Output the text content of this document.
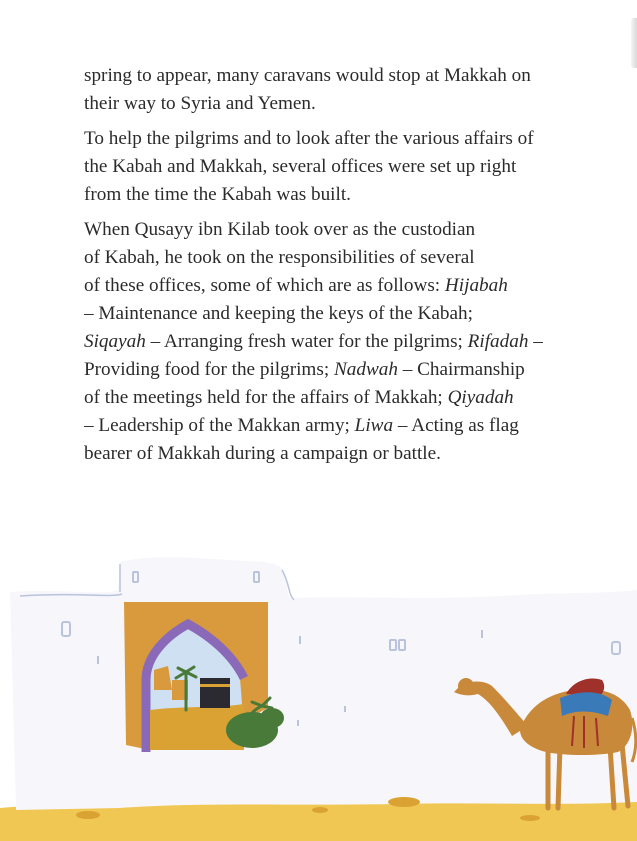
spring to appear, many caravans would stop at Makkah on
their way to Syria and Yemen.

To help the pilgrims and to look after the various affairs of
the Kabah and Makkah, several offices were set up right
from the time the Kabah was built.

When Qusayy ibn Kilab took over as the custodian
of Kabah, he took on the responsibilities of several
of these offices, some of which are as follows: Hijabah
– Maintenance and keeping the keys of the Kabah;
Siqayah – Arranging fresh water for the pilgrims; Rifadah –
Providing food for the pilgrims; Nadwah – Chairmanship
of the meetings held for the affairs of Makkah; Qiyadah
– Leadership of the Makkan army; Liwa – Acting as flag
bearer of Makkah during a campaign or battle.
